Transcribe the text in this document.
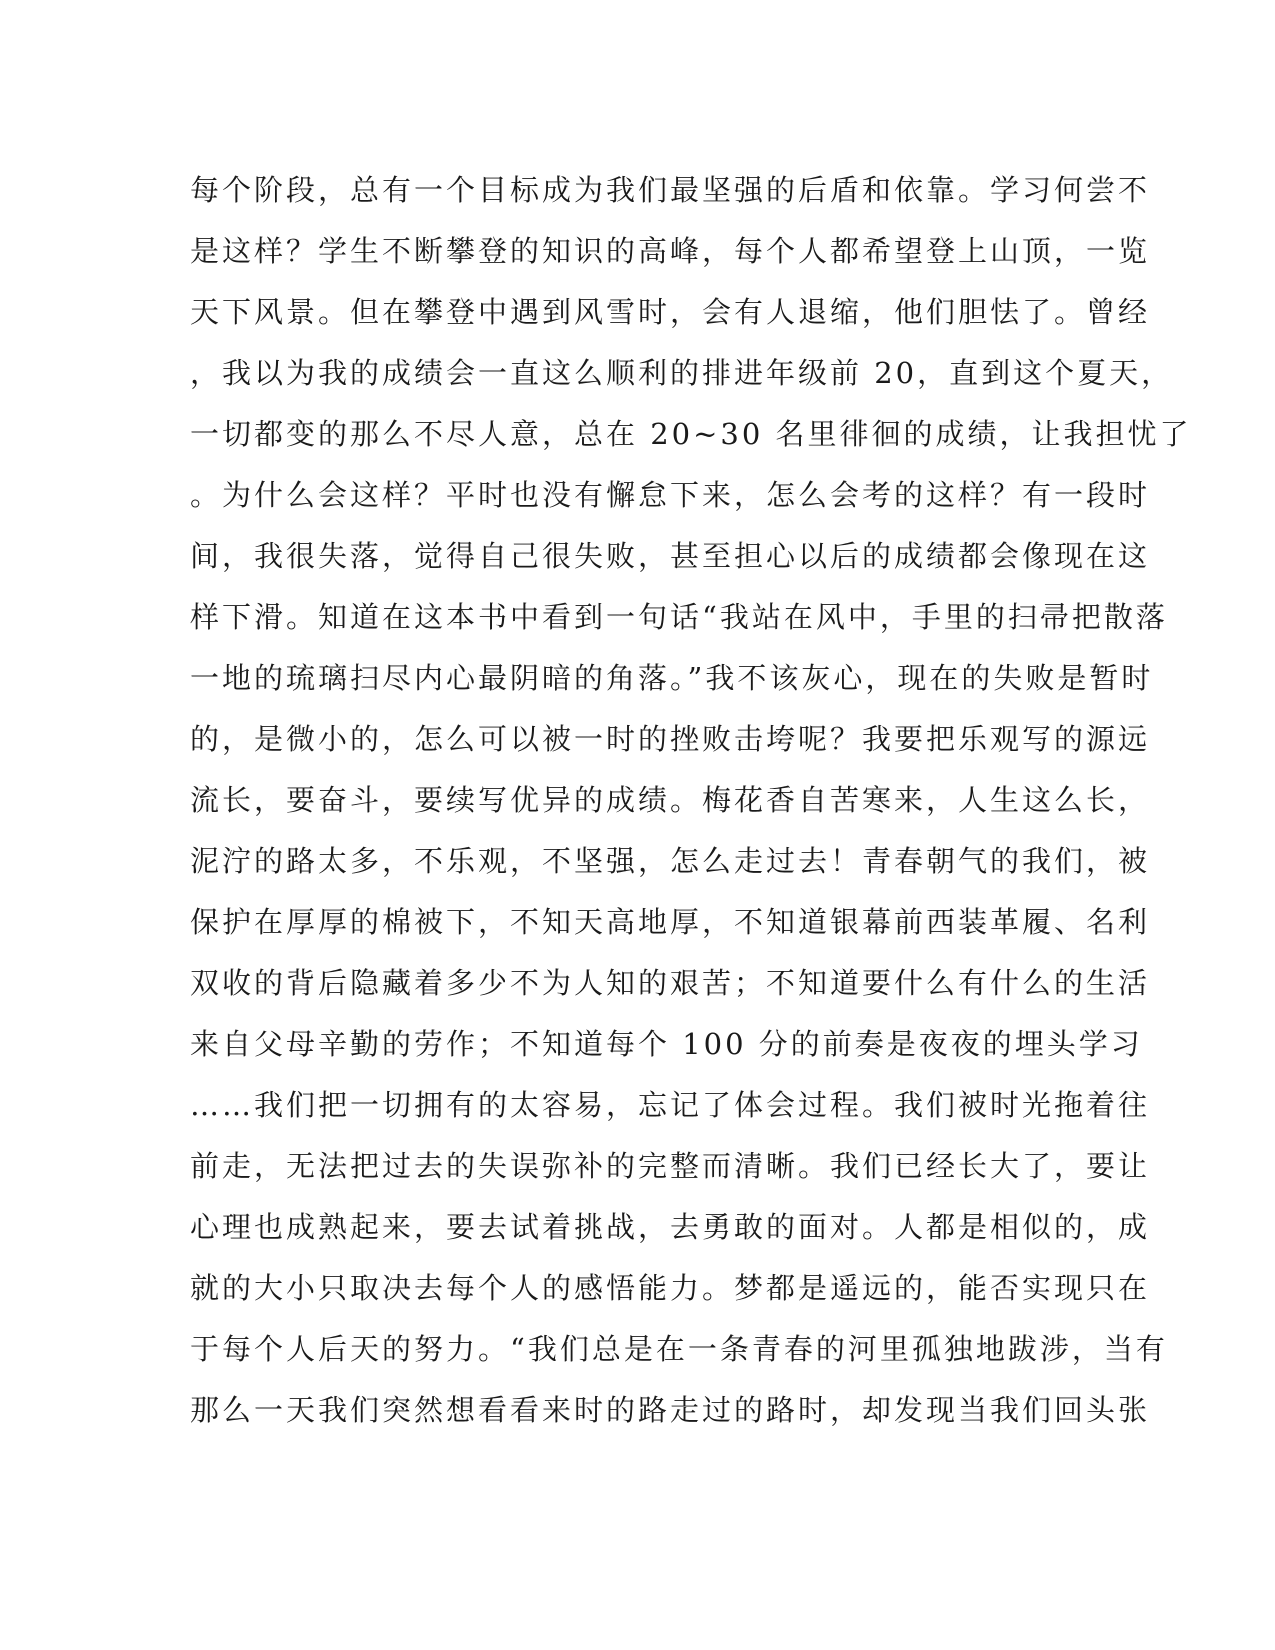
每个阶段，总有一个目标成为我们最坚强的后盾和依靠。学习何尝不
是这样？学生不断攀登的知识的高峰，每个人都希望登上山顶，一览
天下风景。但在攀登中遇到风雪时，会有人退缩，他们胆怯了。曾经
，我以为我的成绩会一直这么顺利的排进年级前 20，直到这个夏天，
一切都变的那么不尽人意，总在 20~30 名里徘徊的成绩，让我担忧了
。为什么会这样？平时也没有懈怠下来，怎么会考的这样？有一段时
间，我很失落，觉得自己很失败，甚至担心以后的成绩都会像现在这
样下滑。知道在这本书中看到一句话“我站在风中，手里的扫帚把散落
一地的琉璃扫尽内心最阴暗的角落。”我不该灰心，现在的失败是暂时
的，是微小的，怎么可以被一时的挫败击垮呢？我要把乐观写的源远
流长，要奋斗，要续写优异的成绩。梅花香自苦寒来，人生这么长，
泥泞的路太多，不乐观，不坚强，怎么走过去！青春朝气的我们，被
保护在厚厚的棉被下，不知天高地厚，不知道银幕前西装革履、名利
双收的背后隐藏着多少不为人知的艰苦；不知道要什么有什么的生活
来自父母辛勤的劳作；不知道每个 100 分的前奏是夜夜的埋头学习
……我们把一切拥有的太容易，忘记了体会过程。我们被时光拖着往
前走，无法把过去的失误弥补的完整而清晰。我们已经长大了，要让
心理也成熟起来，要去试着挑战，去勇敢的面对。人都是相似的，成
就的大小只取决去每个人的感悟能力。梦都是遥远的，能否实现只在
于每个人后天的努力。“我们总是在一条青春的河里孤独地跋涉，当有
那么一天我们突然想看看来时的路走过的路时，却发现当我们回头张
